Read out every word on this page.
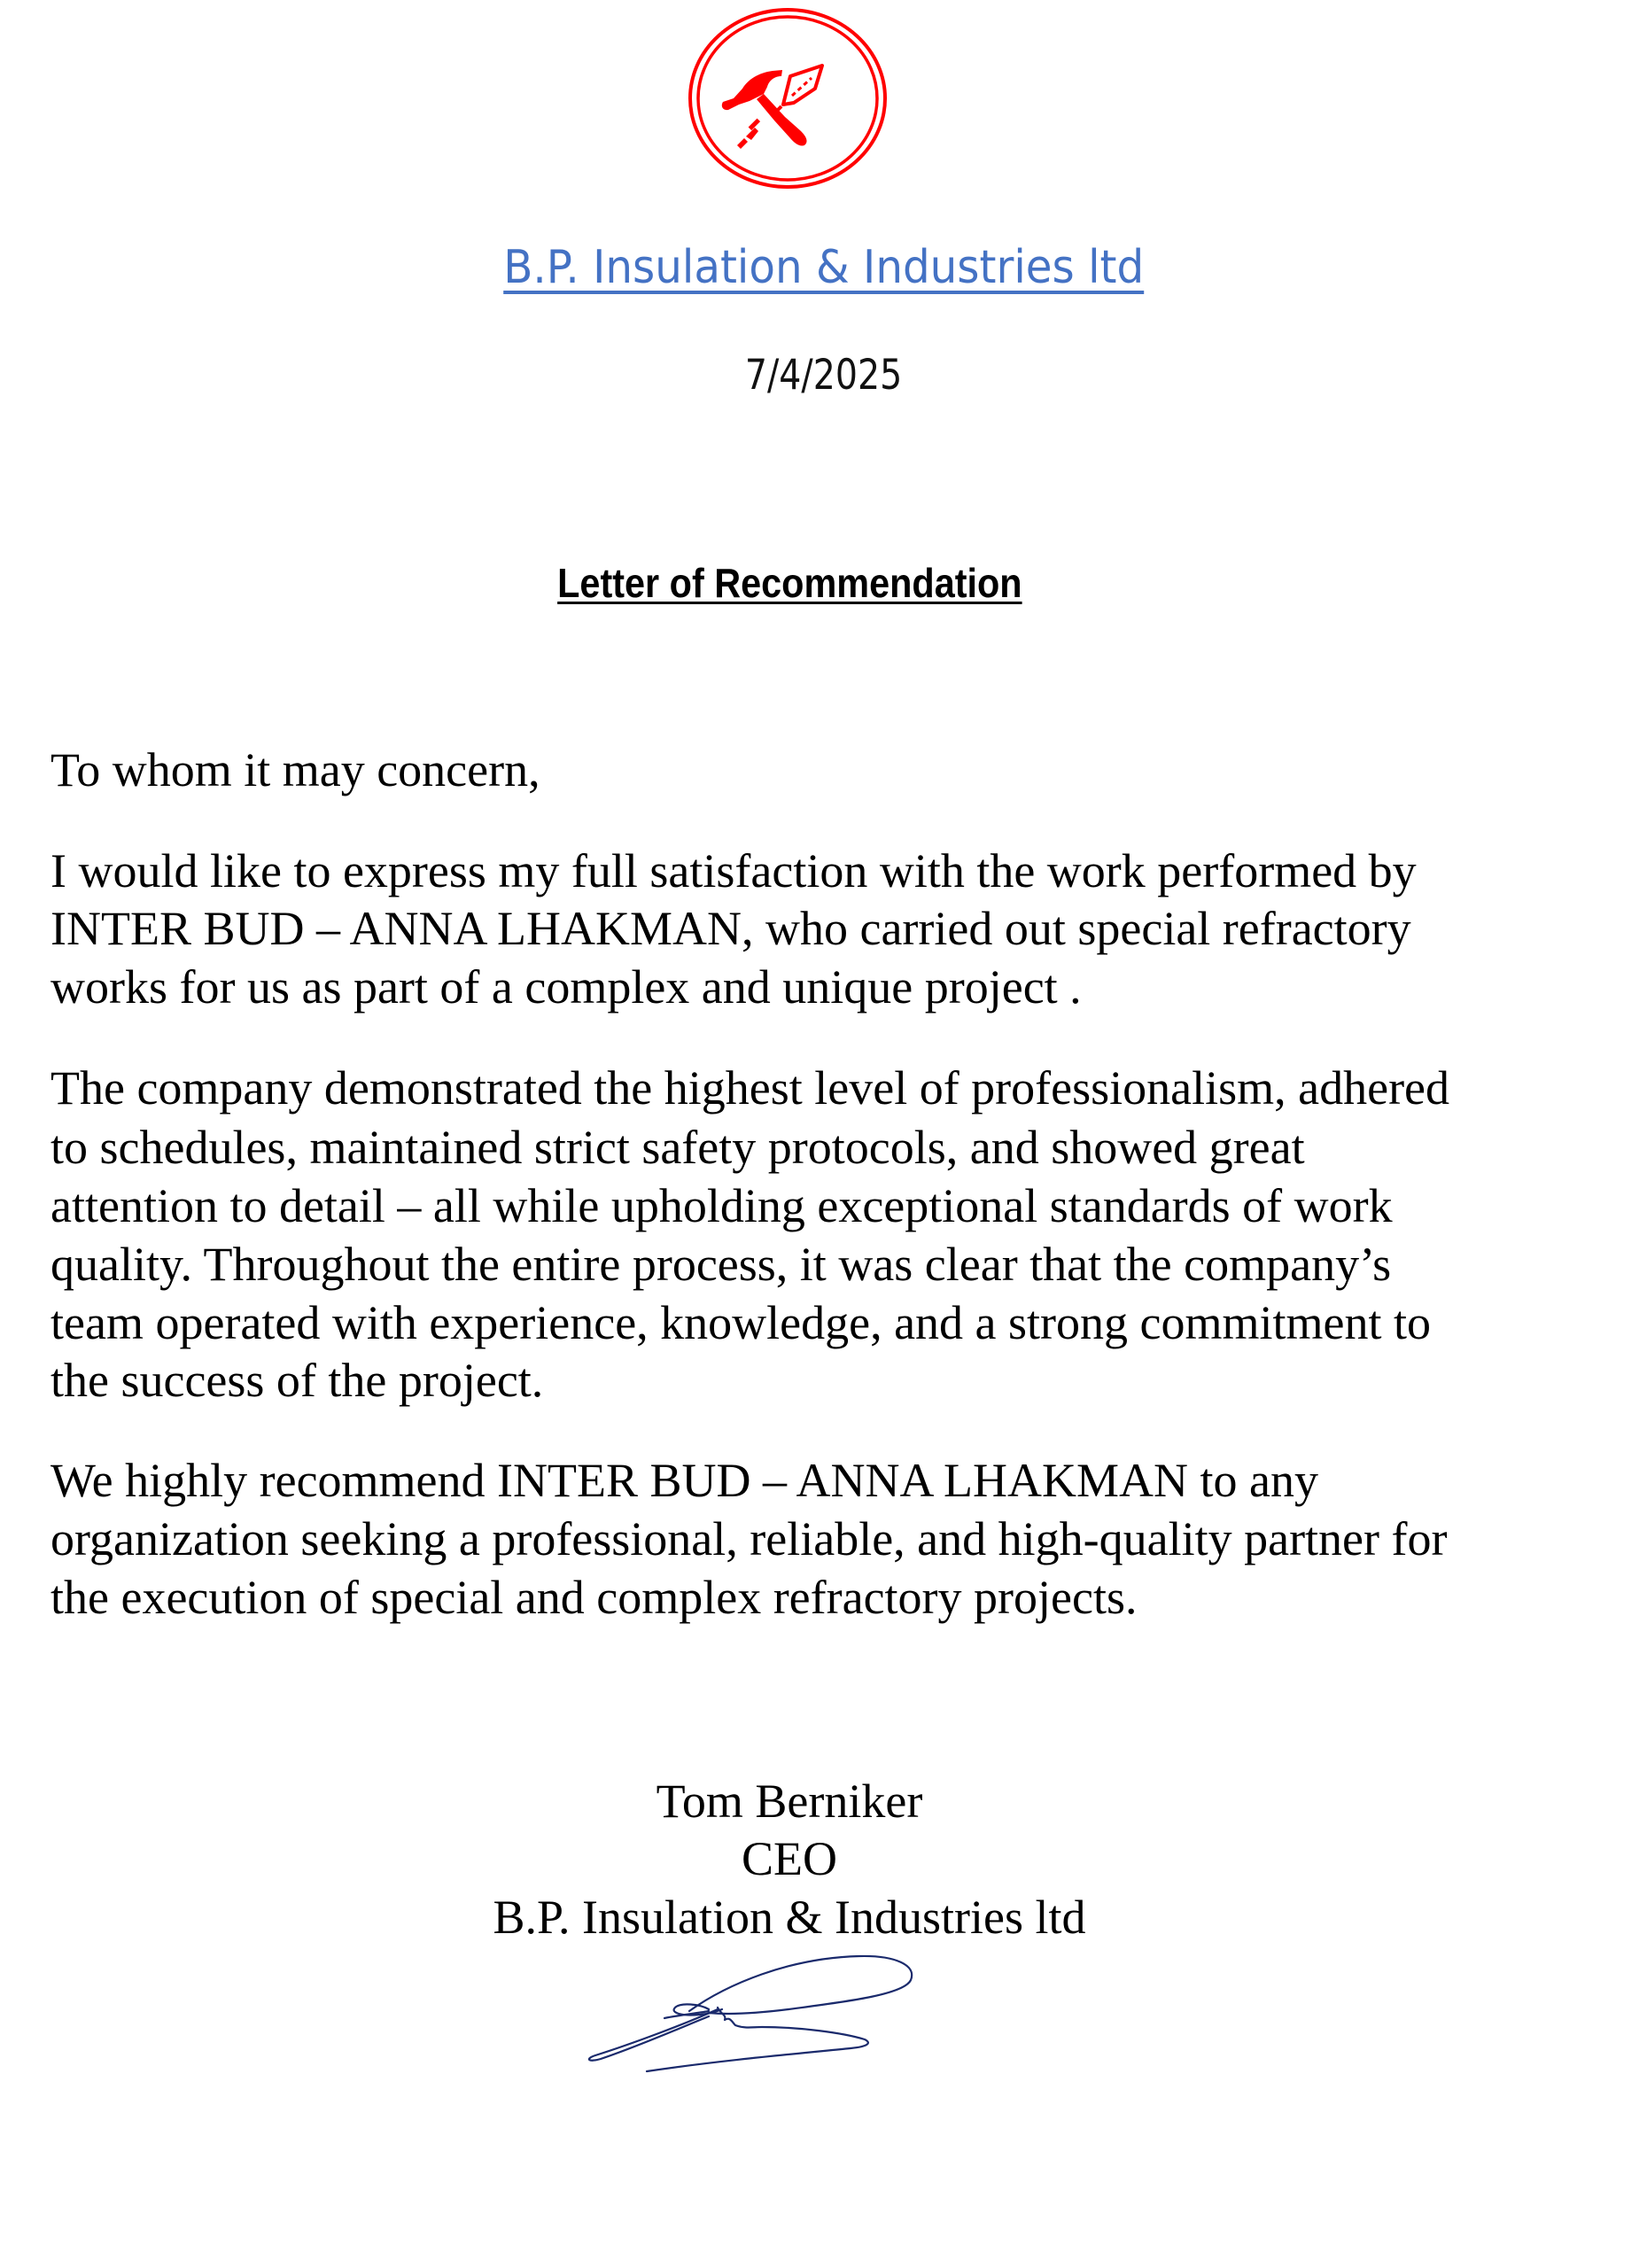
B.P. Insulation & Industries ltd
7/4/2025
Letter of Recommendation
To whom it may concern,
I would like to express my full satisfaction with the work performed by
INTER BUD – ANNA LHAKMAN, who carried out special refractory
works for us as part of a complex and unique project .
The company demonstrated the highest level of professionalism, adhered
to schedules, maintained strict safety protocols, and showed great
attention to detail – all while upholding exceptional standards of work
quality. Throughout the entire process, it was clear that the company’s
team operated with experience, knowledge, and a strong commitment to
the success of the project.
We highly recommend INTER BUD – ANNA LHAKMAN to any
organization seeking a professional, reliable, and high-quality partner for
the execution of special and complex refractory projects.
Tom Berniker
CEO
B.P. Insulation & Industries ltd
